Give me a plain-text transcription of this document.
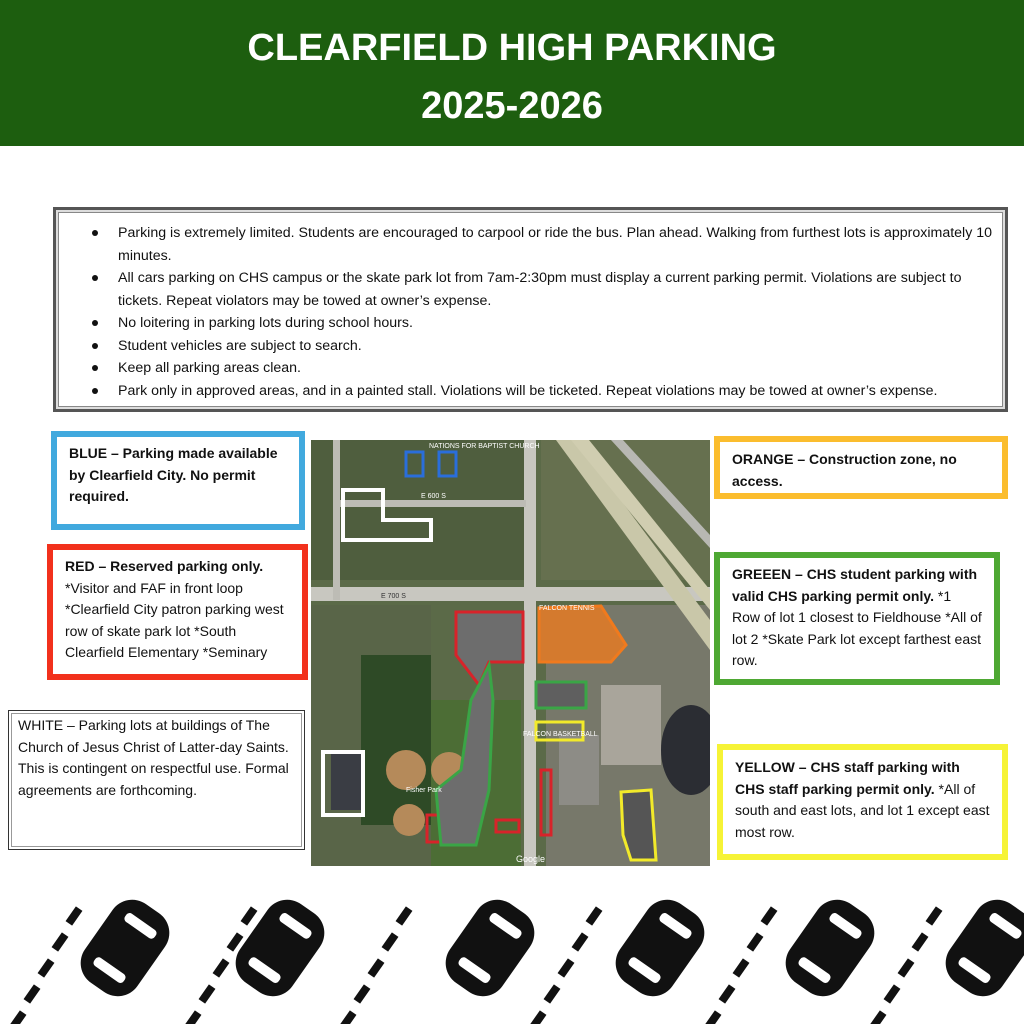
CLEARFIELD HIGH PARKING
2025-2026
Parking is extremely limited. Students are encouraged to carpool or ride the bus. Plan ahead. Walking from furthest lots is approximately 10 minutes.
All cars parking on CHS campus or the skate park lot from 7am-2:30pm must display a current parking permit. Violations are subject to tickets. Repeat violators may be towed at owner’s expense.
No loitering in parking lots during school hours.
Student vehicles are subject to search.
Keep all parking areas clean.
Park only in approved areas, and in a painted stall. Violations will be ticketed. Repeat violations may be towed at owner’s expense.
BLUE – Parking made available by Clearfield City. No permit required.
RED – Reserved parking only.
*Visitor and FAF in front loop *Clearfield City patron parking west row of skate park lot *South Clearfield Elementary *Seminary
WHITE – Parking lots at buildings of The Church of Jesus Christ of Latter-day Saints. This is contingent on respectful use. Formal agreements are forthcoming.
ORANGE – Construction zone, no access.
GREEEN – CHS student parking with valid CHS parking permit only. *1 Row of lot 1 closest to Fieldhouse *All of lot 2 *Skate Park lot except farthest east row.
YELLOW – CHS staff parking with CHS staff parking permit only. *All of south and east lots, and lot 1 except east most row.
NATIONS FOR BAPTIST CHURCH
E 600 S
E 700 S
FALCON TENNIS
FALCON BASKETBALL
Fisher Park
Google
